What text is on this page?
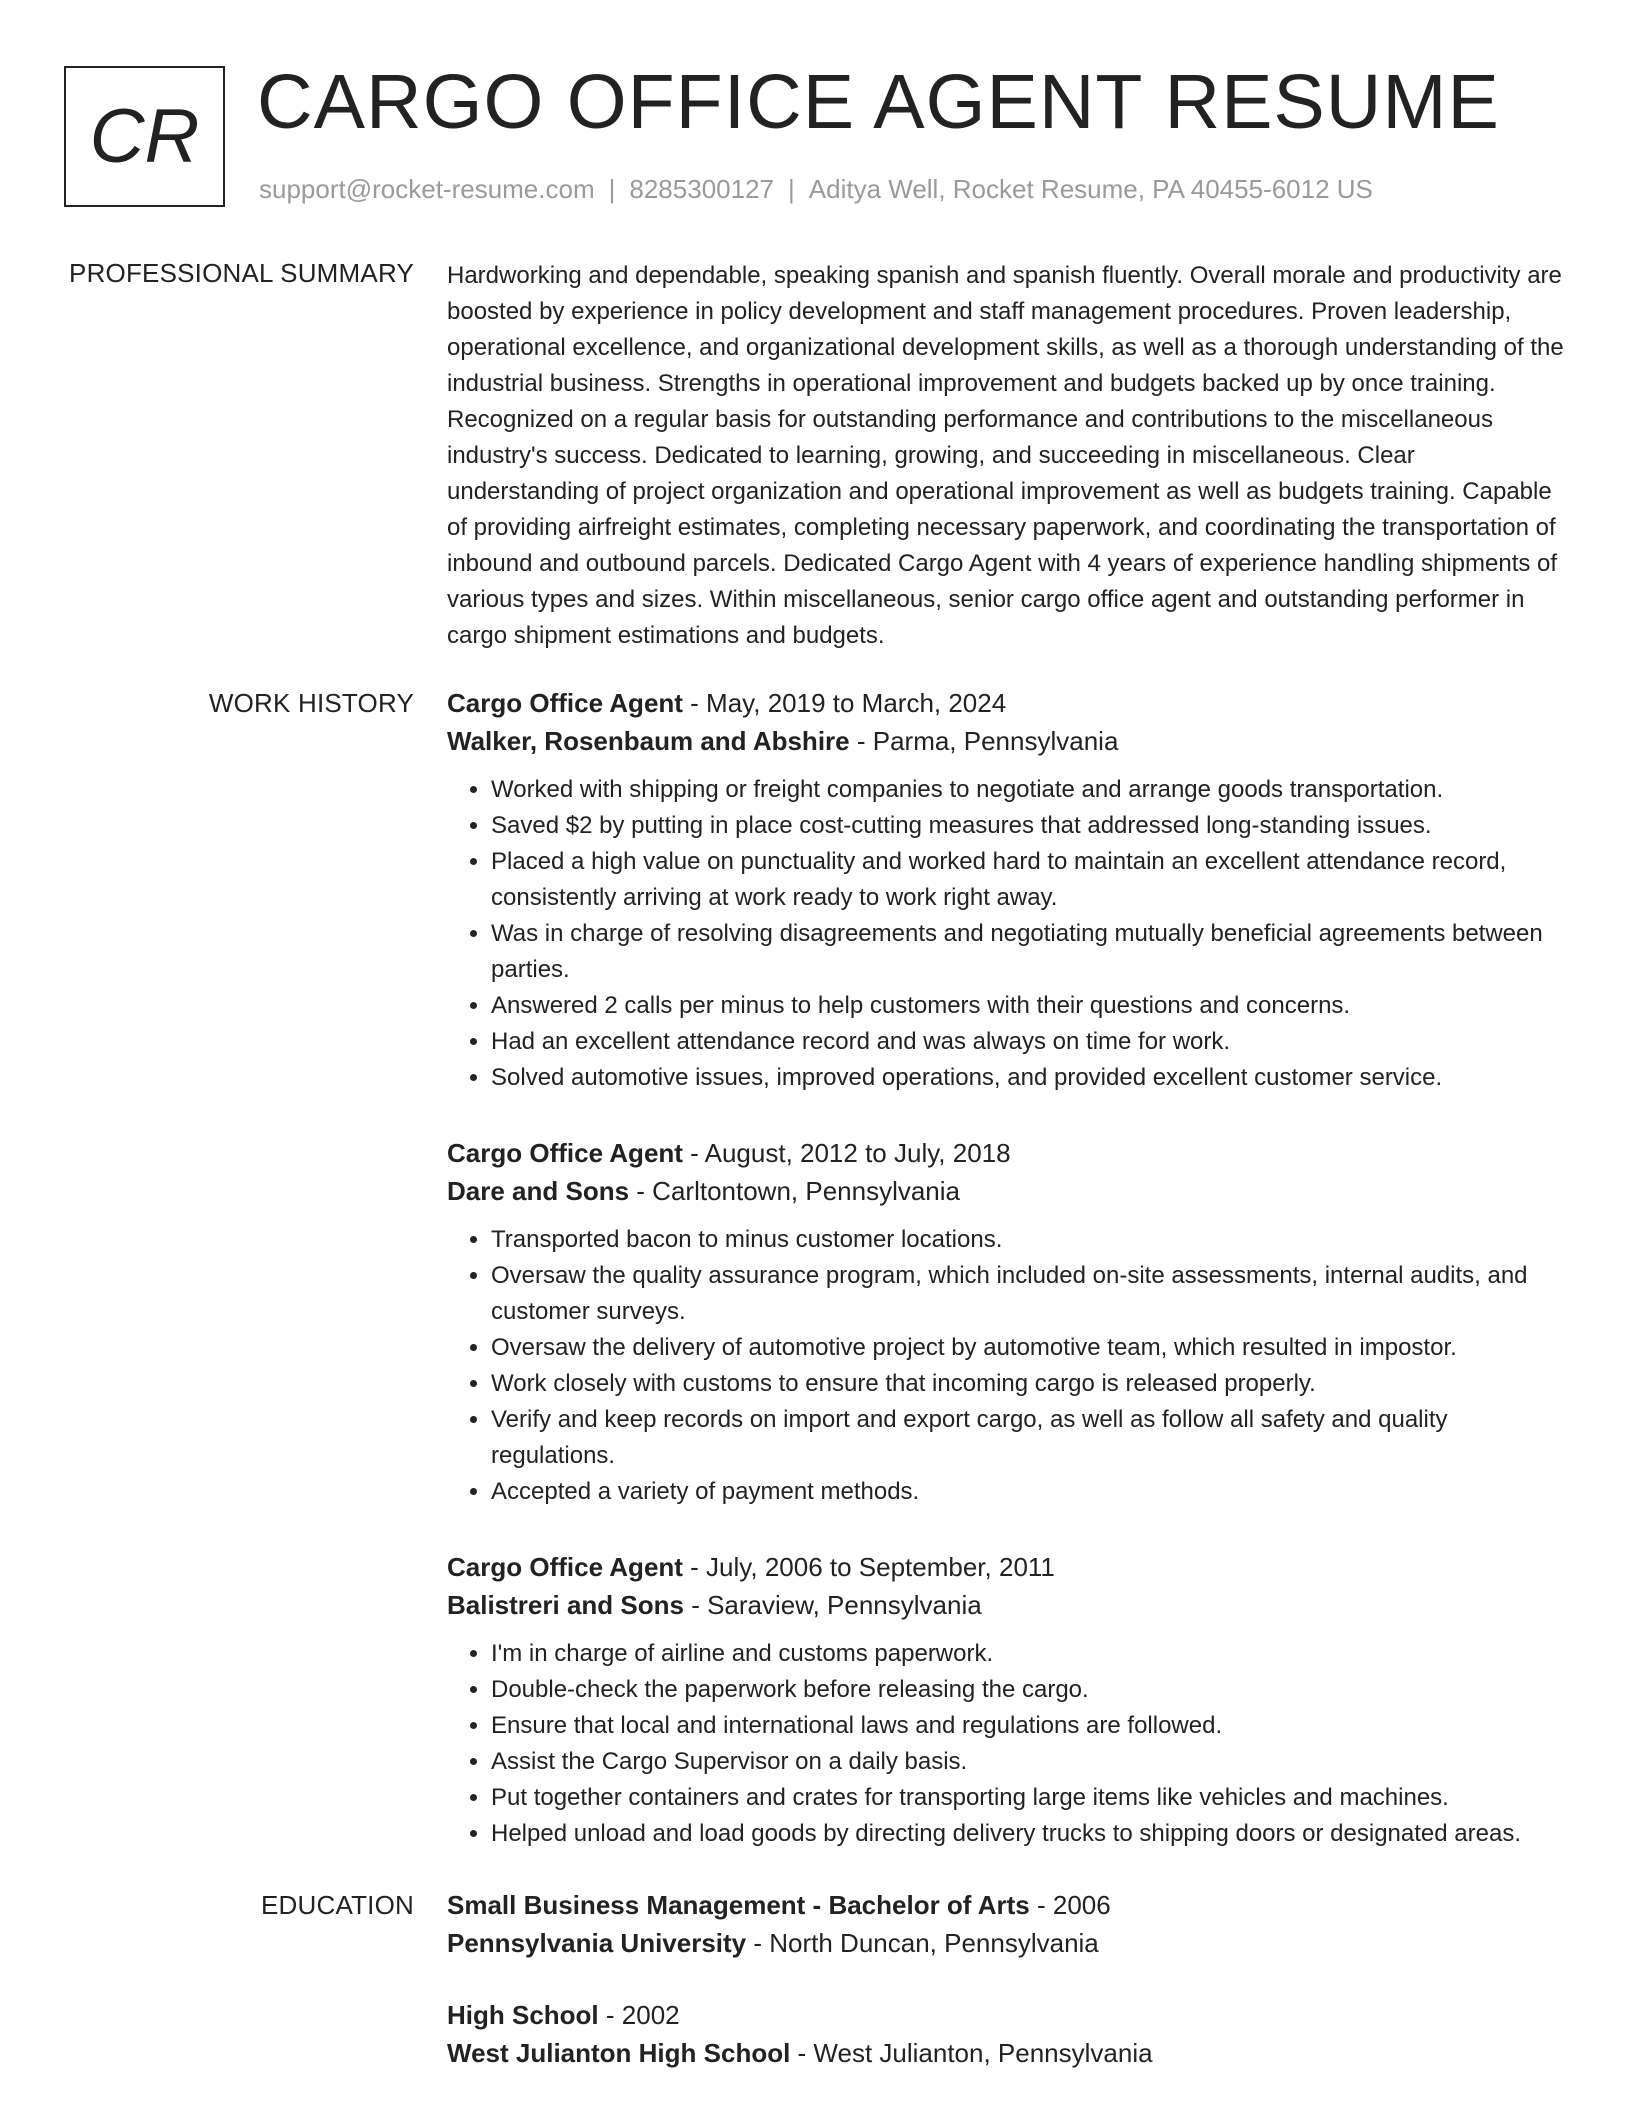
CR CARGO OFFICE AGENT RESUME
support@rocket-resume.com | 8285300127 | Aditya Well, Rocket Resume, PA 40455-6012 US
PROFESSIONAL SUMMARY Hardworking and dependable, speaking spanish and spanish fluently. Overall morale and productivity are boosted by experience in policy development and staff management procedures. Proven leadership, operational excellence, and organizational development skills, as well as a thorough understanding of the industrial business. Strengths in operational improvement and budgets backed up by once training. Recognized on a regular basis for outstanding performance and contributions to the miscellaneous industry's success. Dedicated to learning, growing, and succeeding in miscellaneous. Clear understanding of project organization and operational improvement as well as budgets training. Capable of providing airfreight estimates, completing necessary paperwork, and coordinating the transportation of inbound and outbound parcels. Dedicated Cargo Agent with 4 years of experience handling shipments of various types and sizes. Within miscellaneous, senior cargo office agent and outstanding performer in cargo shipment estimations and budgets.

WORK HISTORY Cargo Office Agent - May, 2019 to March, 2024
Walker, Rosenbaum and Abshire - Parma, Pennsylvania
• Worked with shipping or freight companies to negotiate and arrange goods transportation.
• Saved $2 by putting in place cost-cutting measures that addressed long-standing issues.
• Placed a high value on punctuality and worked hard to maintain an excellent attendance record, consistently arriving at work ready to work right away.
• Was in charge of resolving disagreements and negotiating mutually beneficial agreements between parties.
• Answered 2 calls per minus to help customers with their questions and concerns.
• Had an excellent attendance record and was always on time for work.
• Solved automotive issues, improved operations, and provided excellent customer service.
Cargo Office Agent - August, 2012 to July, 2018
Dare and Sons - Carltontown, Pennsylvania
• Transported bacon to minus customer locations.
• Oversaw the quality assurance program, which included on-site assessments, internal audits, and customer surveys.
• Oversaw the delivery of automotive project by automotive team, which resulted in impostor.
• Work closely with customs to ensure that incoming cargo is released properly.
• Verify and keep records on import and export cargo, as well as follow all safety and quality regulations.
• Accepted a variety of payment methods.
Cargo Office Agent - July, 2006 to September, 2011
Balistreri and Sons - Saraview, Pennsylvania
• I'm in charge of airline and customs paperwork.
• Double-check the paperwork before releasing the cargo.
• Ensure that local and international laws and regulations are followed.
• Assist the Cargo Supervisor on a daily basis.
• Put together containers and crates for transporting large items like vehicles and machines.
• Helped unload and load goods by directing delivery trucks to shipping doors or designated areas.
EDUCATION Small Business Management - Bachelor of Arts - 2006
Pennsylvania University - North Duncan, Pennsylvania
High School - 2002
West Julianton High School - West Julianton, Pennsylvania
